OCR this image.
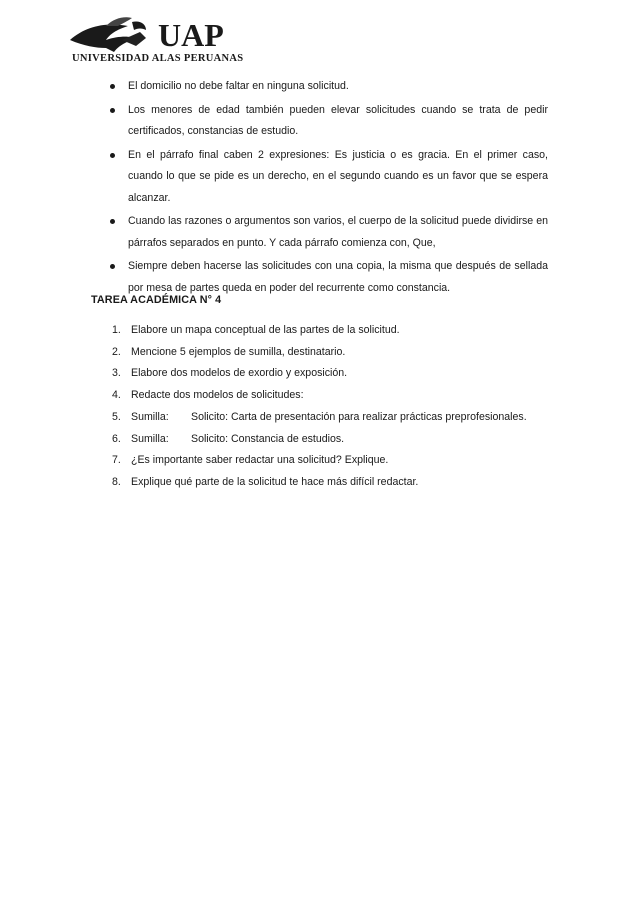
UAP
UNIVERSIDAD ALAS PERUANAS
El domicilio no debe faltar en ninguna solicitud.
Los menores de edad también pueden elevar solicitudes cuando se trata de pedir certificados, constancias de estudio.
En el párrafo final caben 2 expresiones: Es justicia o es gracia. En el primer caso, cuando lo que se pide es un derecho, en el segundo cuando es un favor que se espera alcanzar.
Cuando las razones o argumentos son varios, el cuerpo de la solicitud puede dividirse en párrafos separados en punto. Y cada párrafo comienza con, Que,
Siempre deben hacerse las solicitudes con una copia, la misma que después de sellada por mesa de partes queda en poder del recurrente como constancia.
TAREA ACADÉMICA N° 4
1. Elabore un mapa conceptual de las partes de la solicitud.
2. Mencione 5 ejemplos de sumilla, destinatario.
3. Elabore dos modelos de exordio y exposición.
4. Redacte dos modelos de solicitudes:
5. Sumilla: Solicito: Carta de presentación para realizar prácticas preprofesionales.
6. Sumilla: Solicito: Constancia de estudios.
7. ¿Es importante saber redactar una solicitud? Explique.
8. Explique qué parte de la solicitud te hace más difícil redactar.
